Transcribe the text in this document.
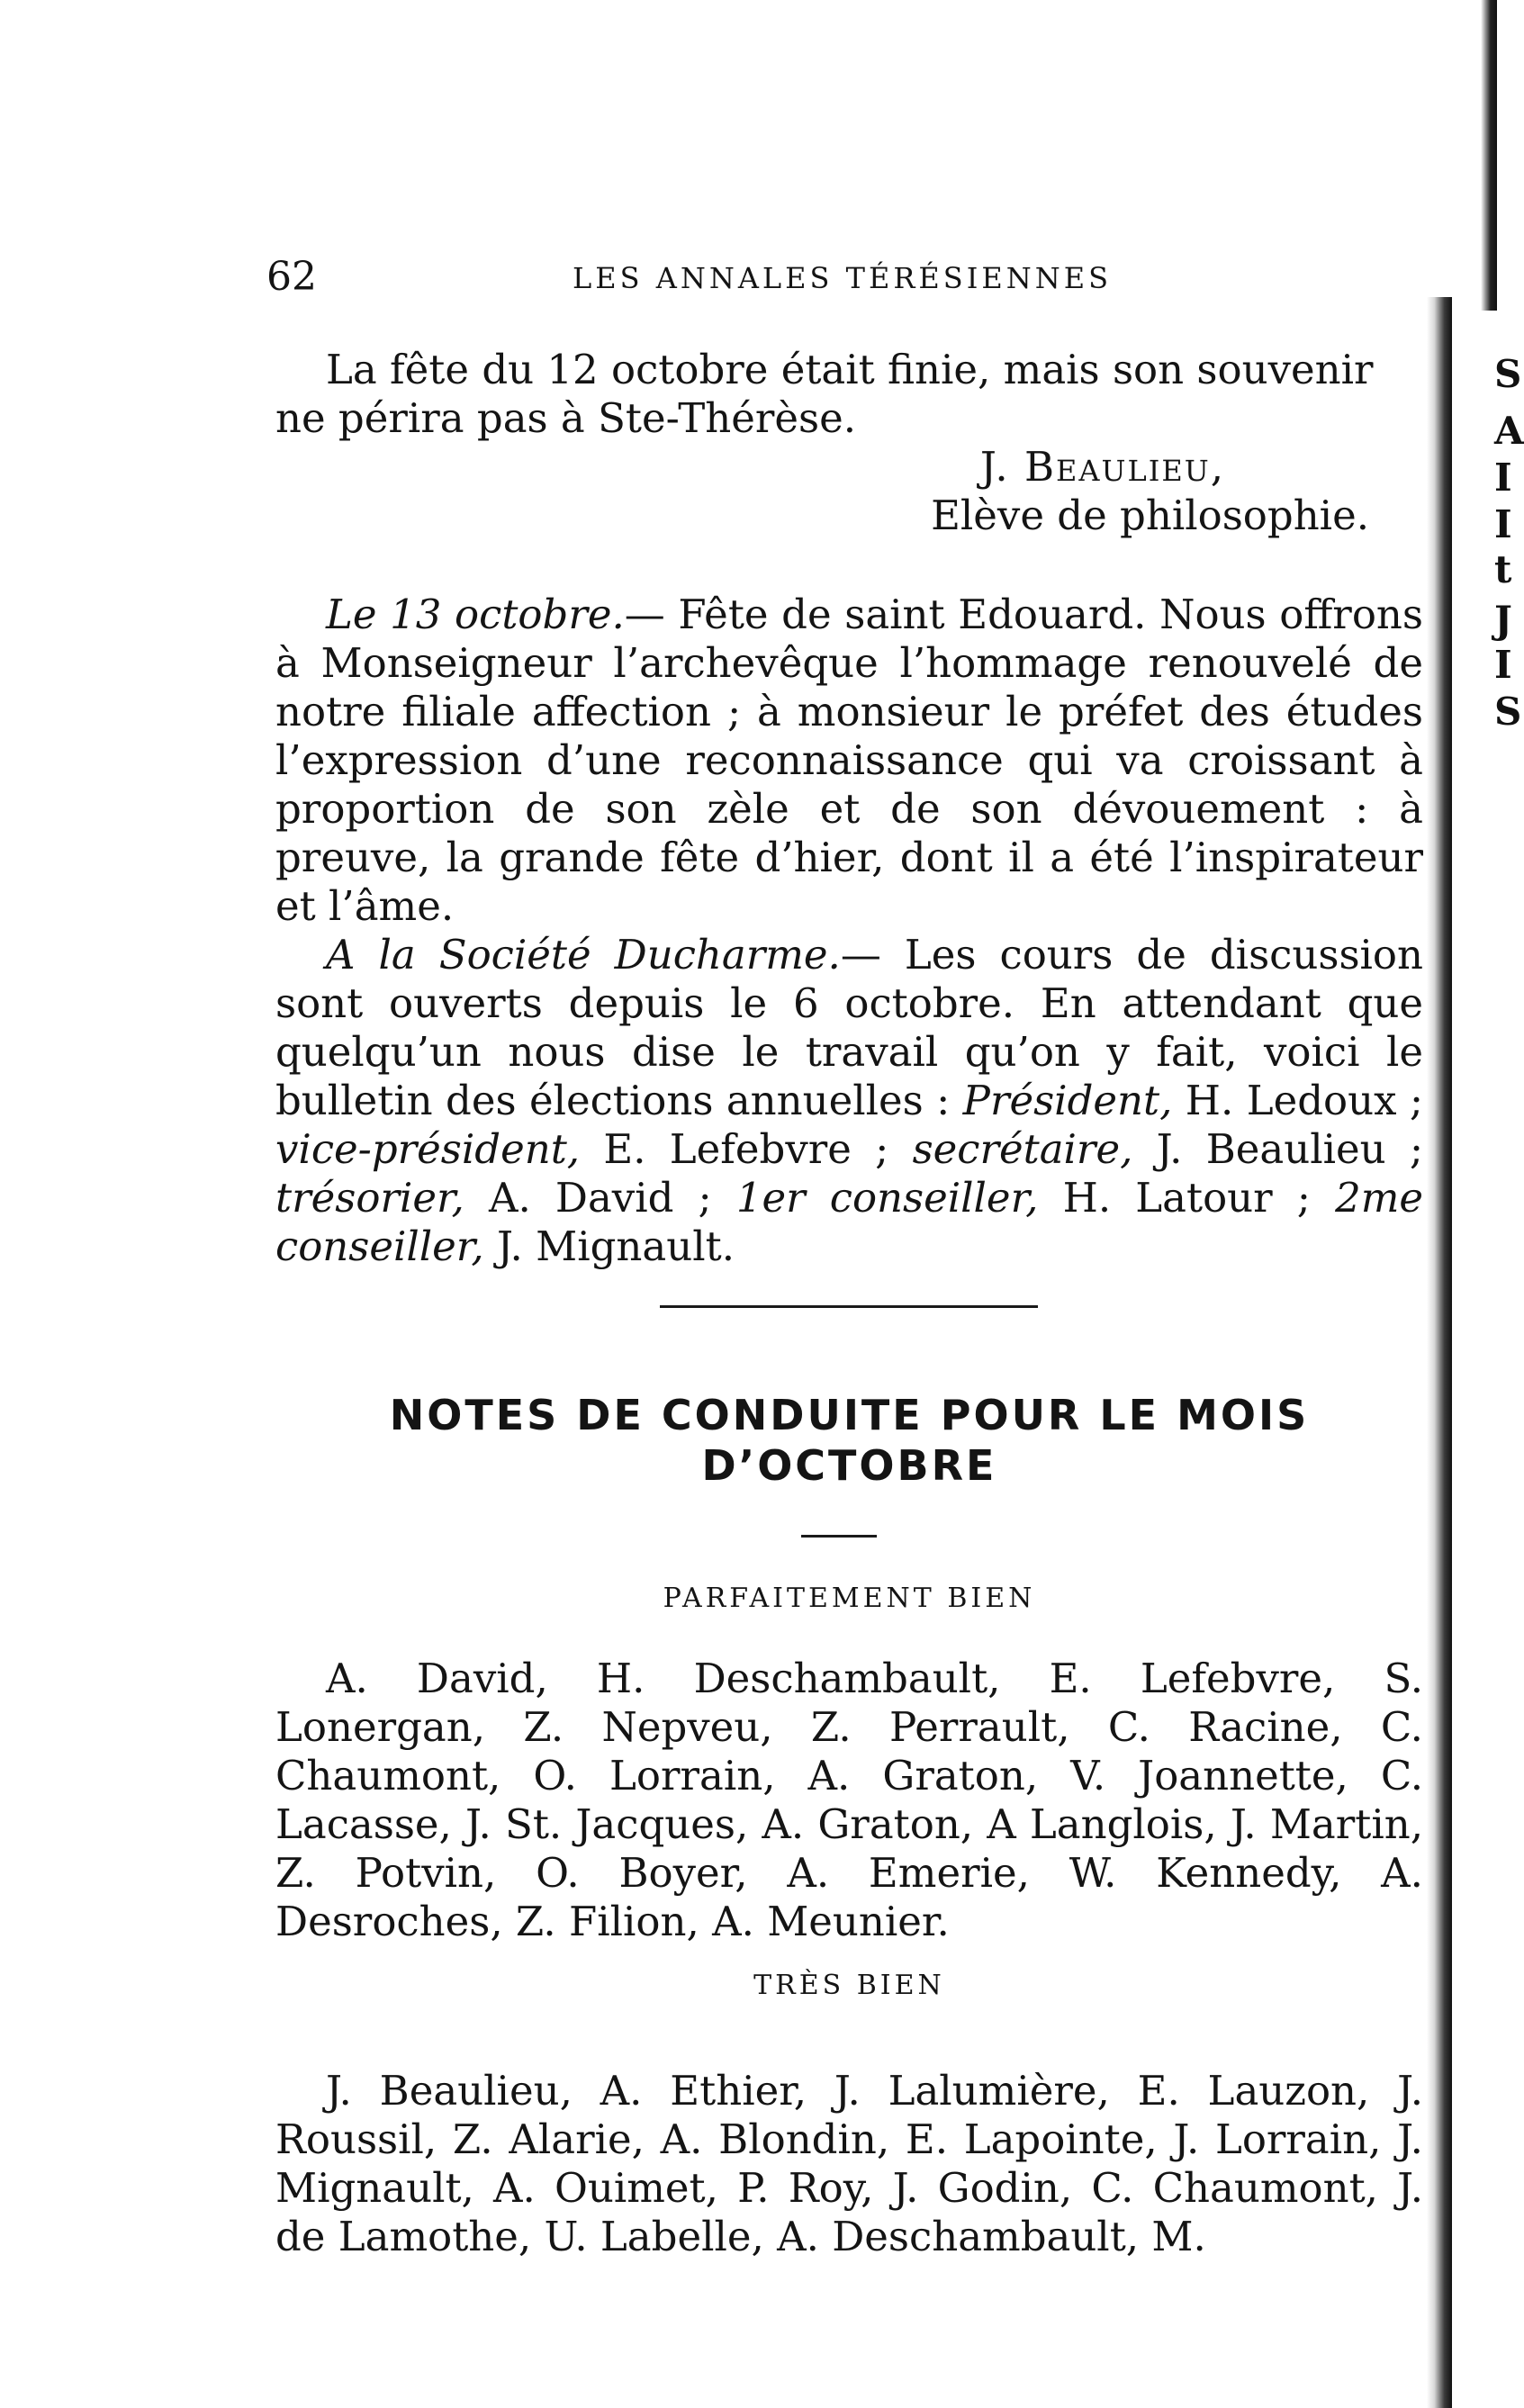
S
A
I
I
t
J
I
S
62	LES ANNALES TÉRÉSIENNES

La fête du 12 octobre était finie, mais son souvenir

ne périra pas à Ste-Thérèse.

J. Beaulieu,
Elève de philosophie.

Le 13 octobre.— Fête de saint Edouard. Nous offrons à Monseigneur l’archevêque l’hommage renouvelé de notre filiale affection ; à monsieur le préfet des études l’expression d’une reconnaissance qui va croissant à proportion de son zèle et de son dévouement : à preuve, la grande fête d’hier, dont il a été l’inspirateur et l’âme.

A la Société Ducharme.— Les cours de discussion sont ouverts depuis le 6 octobre. En attendant que quelqu’un nous dise le travail qu’on y fait, voici le bulletin des élections annuelles : Président, H. Ledoux ; vice-président, E. Lefebvre ; secrétaire, J. Beaulieu ; trésorier, A. David ; 1er conseiller, H. Latour ; 2me conseiller, J. Mignault.

NOTES DE CONDUITE POUR LE MOIS
D’OCTOBRE
PARFAITEMENT BIEN

A. David, H. Deschambault, E. Lefebvre, S. Lonergan, Z. Nepveu, Z. Perrault, C. Racine, C. Chaumont, O. Lorrain, A. Graton, V. Joannette, C. Lacasse, J. St. Jacques, A. Graton, A Langlois, J. Martin, Z. Potvin, O. Boyer, A. Emerie, W. Kennedy, A. Desroches, Z. Filion, A. Meunier.

TRÈS BIEN

J. Beaulieu, A. Ethier, J. Lalumière, E. Lauzon, J. Roussil, Z. Alarie, A. Blondin, E. Lapointe, J. Lorrain, J. Mignault, A. Ouimet, P. Roy, J. Godin, C. Chaumont, J. de Lamothe, U. Labelle, A. Deschambault, M.
